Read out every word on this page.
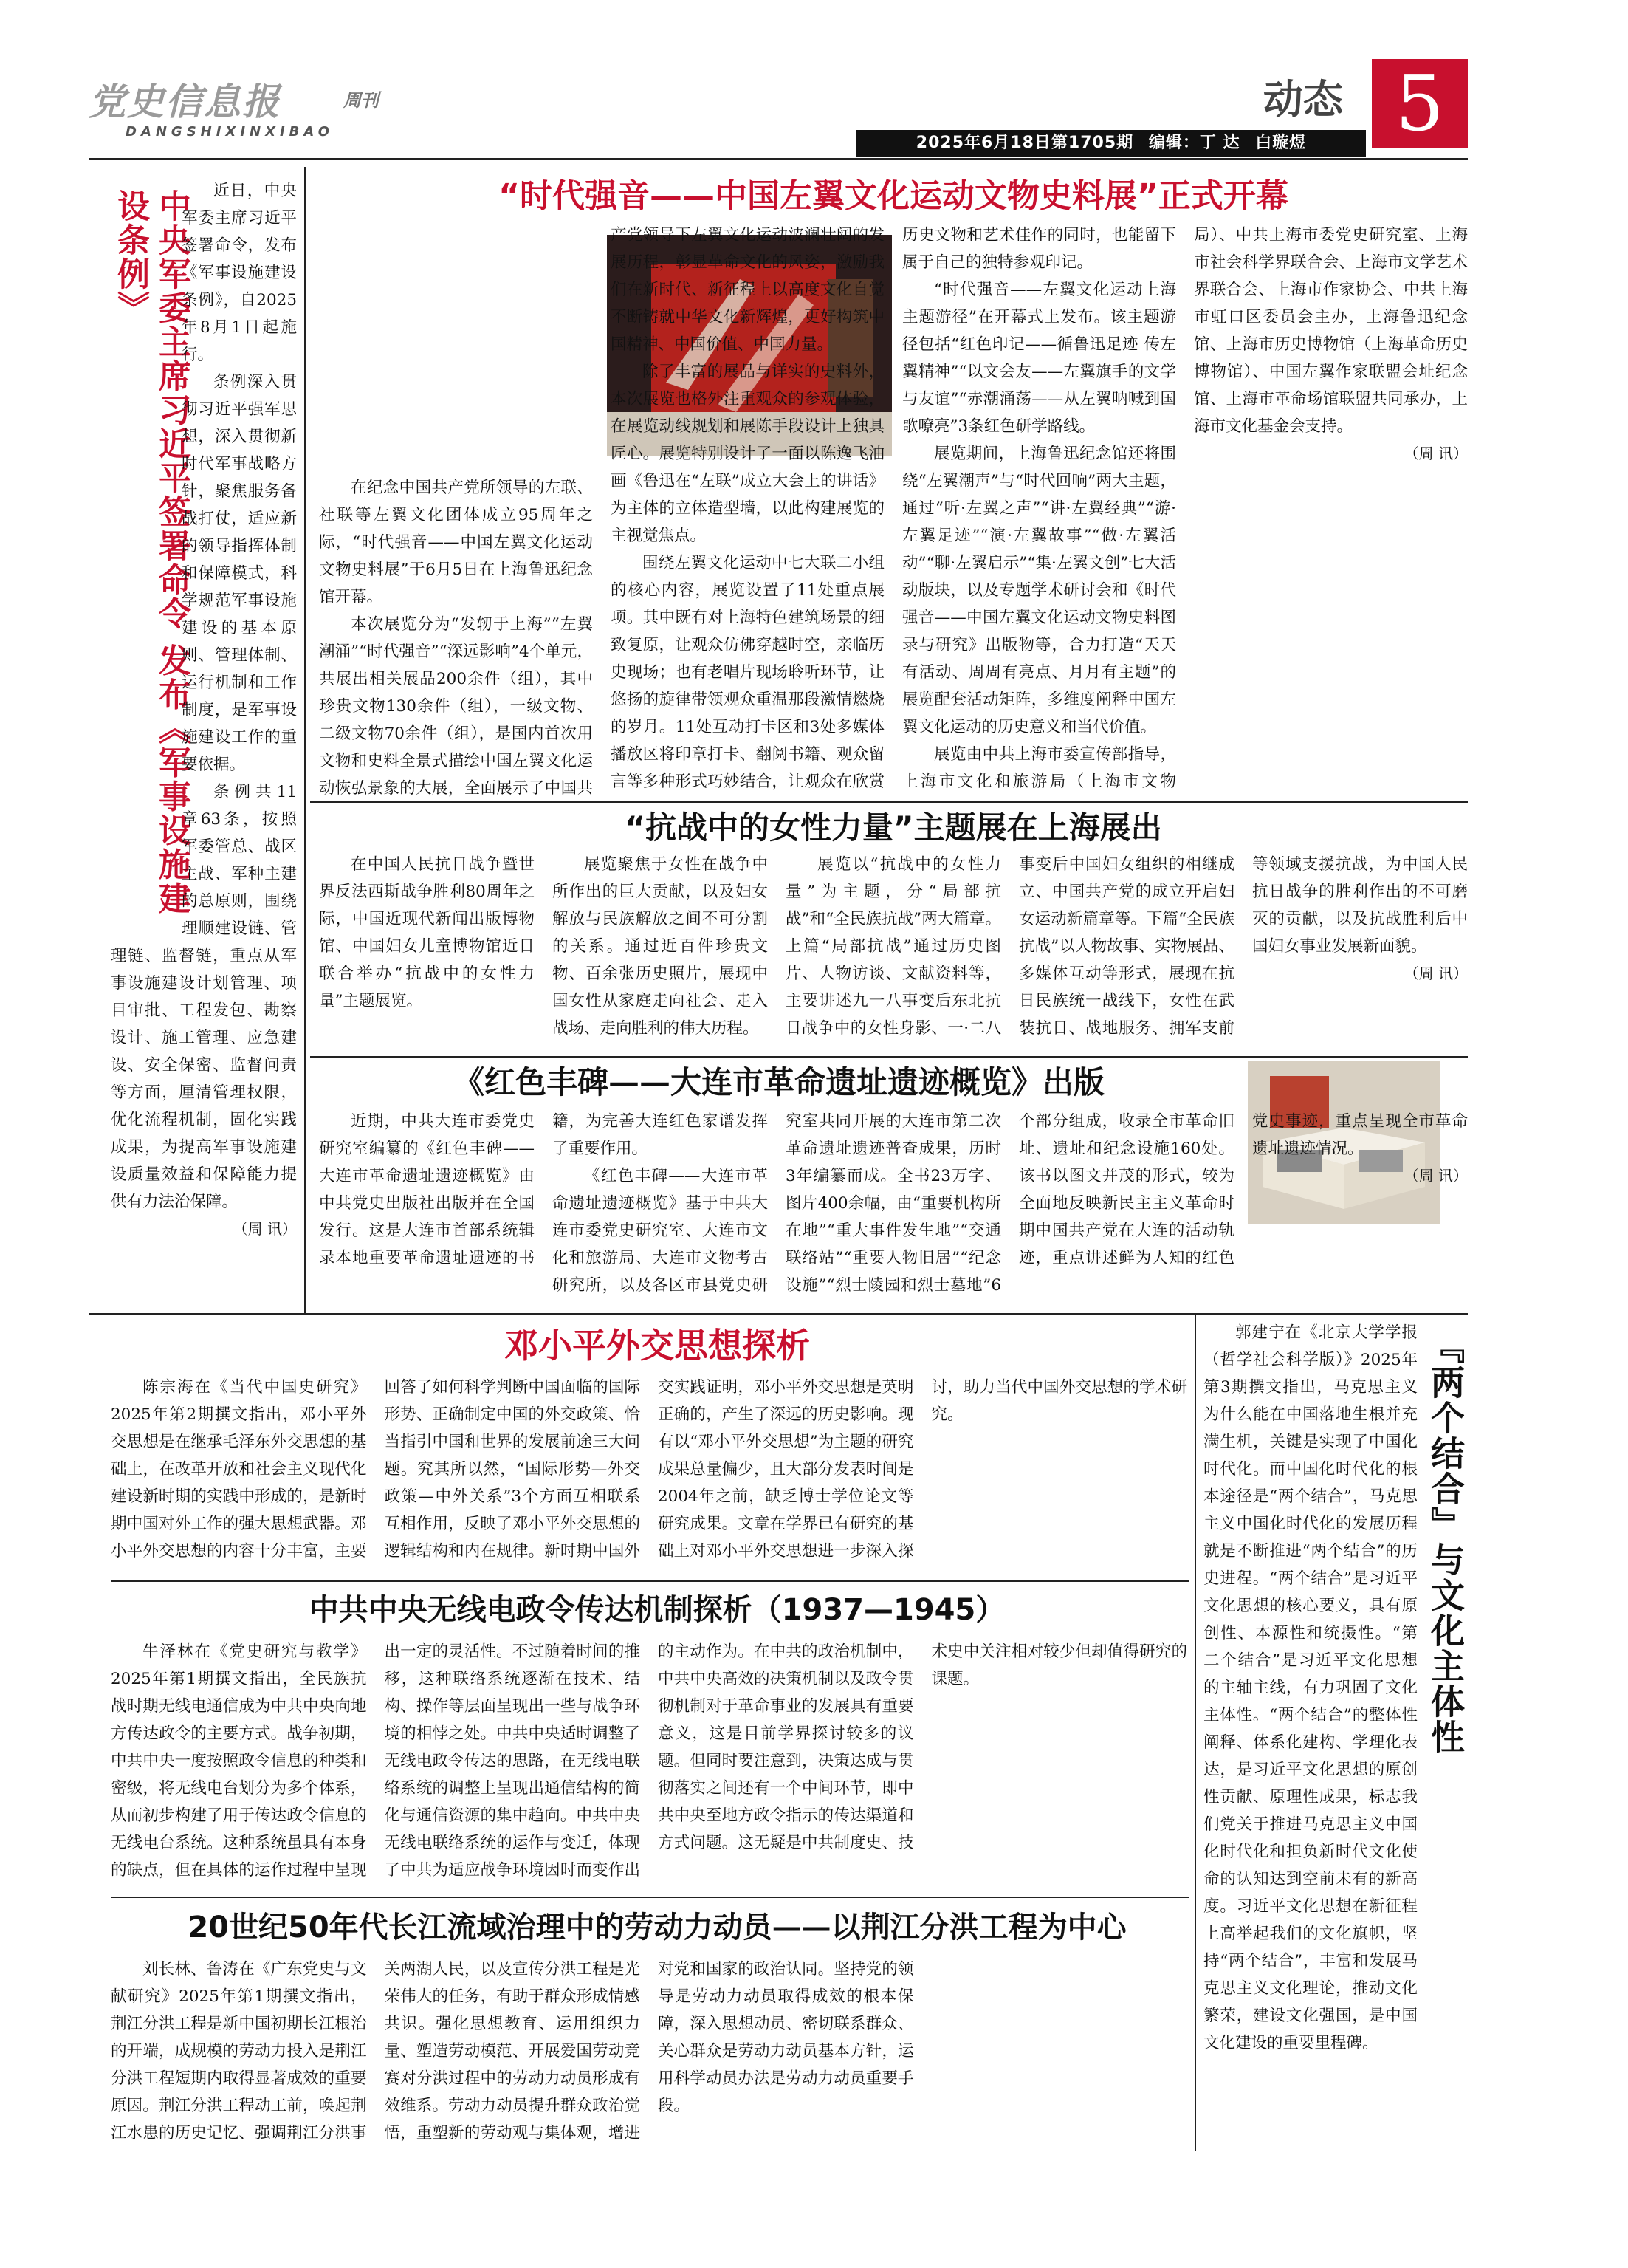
党史信息报
DANGSHIXINXIBAO
周刊	动态 5
2025年6月18日第1705期 编辑：丁 达 白璇煜
中央军委主席习近平签署命令 发布《军事设施建设条例》	近日，中央军委主席习近平签署命令，发布《军事设施建设条例》，自2025年8月1日起施行。

条例深入贯彻习近平强军思想，深入贯彻新时代军事战略方针，聚焦服务备战打仗，适应新的领导指挥体制和保障模式，科学规范军事设施建设的基本原则、管理体制、运行机制和工作制度，是军事设施建设工作的重要依据。

条例共11章63条，按照军委管总、战区主战、军种主建的总原则，围绕理顺建设链、管理链、监督链，重点从军事设施建设计划管理、项目审批、工程发包、勘察设计、施工管理、应急建设、安全保密、监督问责等方面，厘清管理权限，优化流程机制，固化实践成果，为提高军事设施建设质量效益和保障能力提供有力法治保障。

（周 讯）
“时代强音——中国左翼文化运动文物史料展”正式开幕

在纪念中国共产党所领导的左联、社联等左翼文化团体成立95周年之际，“时代强音——中国左翼文化运动文物史料展”于6月5日在上海鲁迅纪念馆开幕。

本次展览分为“发轫于上海”“左翼潮涌”“时代强音”“深远影响”4个单元，共展出相关展品200余件（组），其中珍贵文物130余件（组），一级文物、二级文物70余件（组），是国内首次用文物和史料全景式描绘中国左翼文化运动恢弘景象的大展，全面展示了中国共产党领导下左翼文化运动波澜壮阔的发展历程，彰显革命文化的风姿，激励我们在新时代、新征程上以高度文化自觉不断铸就中华文化新辉煌，更好构筑中国精神、中国价值、中国力量。

除了丰富的展品与详实的史料外，本次展览也格外注重观众的参观体验，在展览动线规划和展陈手段设计上独具匠心。展览特别设计了一面以陈逸飞油画《鲁迅在“左联”成立大会上的讲话》为主体的立体造型墙，以此构建展览的主视觉焦点。

围绕左翼文化运动中七大联二小组的核心内容，展览设置了11处重点展项。其中既有对上海特色建筑场景的细致复原，让观众仿佛穿越时空，亲临历史现场；也有老唱片现场聆听环节，让悠扬的旋律带领观众重温那段激情燃烧的岁月。11处互动打卡区和3处多媒体播放区将印章打卡、翻阅书籍、观众留言等多种形式巧妙结合，让观众在欣赏历史文物和艺术佳作的同时，也能留下属于自己的独特参观印记。

“时代强音——左翼文化运动上海主题游径”在开幕式上发布。该主题游径包括“红色印记——循鲁迅足迹 传左翼精神”“以文会友——左翼旗手的文学与友谊”“赤潮涌荡——从左翼呐喊到国歌嘹亮”3条红色研学路线。

展览期间，上海鲁迅纪念馆还将围绕“左翼潮声”与“时代回响”两大主题，通过“听·左翼之声”“讲·左翼经典”“游·左翼足迹”“演·左翼故事”“做·左翼活动”“聊·左翼启示”“集·左翼文创”七大活动版块，以及专题学术研讨会和《时代强音——中国左翼文化运动文物史料图录与研究》出版物等，合力打造“天天有活动、周周有亮点、月月有主题”的展览配套活动矩阵，多维度阐释中国左翼文化运动的历史意义和当代价值。

展览由中共上海市委宣传部指导，上海市文化和旅游局（上海市文物局）、中共上海市委党史研究室、上海市社会科学界联合会、上海市文学艺术界联合会、上海市作家协会、中共上海市虹口区委员会主办，上海鲁迅纪念馆、上海市历史博物馆（上海革命历史博物馆）、中国左翼作家联盟会址纪念馆、上海市革命场馆联盟共同承办，上海市文化基金会支持。

（周 讯）
“抗战中的女性力量”主题展在上海展出

在中国人民抗日战争暨世界反法西斯战争胜利80周年之际，中国近现代新闻出版博物馆、中国妇女儿童博物馆近日联合举办“抗战中的女性力量”主题展览。

展览聚焦于女性在战争中所作出的巨大贡献，以及妇女解放与民族解放之间不可分割的关系。通过近百件珍贵文物、百余张历史照片，展现中国女性从家庭走向社会、走入战场、走向胜利的伟大历程。

展览以“抗战中的女性力量”为主题，分“局部抗战”和“全民族抗战”两大篇章。上篇“局部抗战”通过历史图片、人物访谈、文献资料等，主要讲述九一八事变后东北抗日战争中的女性身影、一·二八事变后中国妇女组织的相继成立、中国共产党的成立开启妇女运动新篇章等。下篇“全民族抗战”以人物故事、实物展品、多媒体互动等形式，展现在抗日民族统一战线下，女性在武装抗日、战地服务、拥军支前等领域支援抗战，为中国人民抗日战争的胜利作出的不可磨灭的贡献，以及抗战胜利后中国妇女事业发展新面貌。

（周 讯）
《红色丰碑——大连市革命遗址遗迹概览》出版

近期，中共大连市委党史研究室编纂的《红色丰碑——大连市革命遗址遗迹概览》由中共党史出版社出版并在全国发行。这是大连市首部系统辑录本地重要革命遗址遗迹的书籍，为完善大连红色家谱发挥了重要作用。

《红色丰碑——大连市革命遗址遗迹概览》基于中共大连市委党史研究室、大连市文化和旅游局、大连市文物考古研究所，以及各区市县党史研究室共同开展的大连市第二次革命遗址遗迹普查成果，历时3年编纂而成。全书23万字、图片400余幅，由“重要机构所在地”“重大事件发生地”“交通联络站”“重要人物旧居”“纪念设施”“烈士陵园和烈士墓地”6个部分组成，收录全市革命旧址、遗址和纪念设施160处。该书以图文并茂的形式，较为全面地反映新民主主义革命时期中国共产党在大连的活动轨迹，重点讲述鲜为人知的红色党史事迹，重点呈现全市革命遗址遗迹情况。

（周 讯）
邓小平外交思想探析

陈宗海在《当代中国史研究》2025年第2期撰文指出，邓小平外交思想是在继承毛泽东外交思想的基础上，在改革开放和社会主义现代化建设新时期的实践中形成的，是新时期中国对外工作的强大思想武器。邓小平外交思想的内容十分丰富，主要回答了如何科学判断中国面临的国际形势、正确制定中国的外交政策、恰当指引中国和世界的发展前途三大问题。究其所以然，“国际形势—外交政策—中外关系”3个方面互相联系互相作用，反映了邓小平外交思想的逻辑结构和内在规律。新时期中国外交实践证明，邓小平外交思想是英明正确的，产生了深远的历史影响。现有以“邓小平外交思想”为主题的研究成果总量偏少，且大部分发表时间是2004年之前，缺乏博士学位论文等研究成果。文章在学界已有研究的基础上对邓小平外交思想进一步深入探讨，助力当代中国外交思想的学术研究。

中共中央无线电政令传达机制探析（1937—1945）

牛泽林在《党史研究与教学》2025年第1期撰文指出，全民族抗战时期无线电通信成为中共中央向地方传达政令的主要方式。战争初期，中共中央一度按照政令信息的种类和密级，将无线电台划分为多个体系，从而初步构建了用于传达政令信息的无线电台系统。这种系统虽具有本身的缺点，但在具体的运作过程中呈现出一定的灵活性。不过随着时间的推移，这种联络系统逐渐在技术、结构、操作等层面呈现出一些与战争环境的相悖之处。中共中央适时调整了无线电政令传达的思路，在无线电联络系统的调整上呈现出通信结构的简化与通信资源的集中趋向。中共中央无线电联络系统的运作与变迁，体现了中共为适应战争环境因时而变作出的主动作为。在中共的政治机制中，中共中央高效的决策机制以及政令贯彻机制对于革命事业的发展具有重要意义，这是目前学界探讨较多的议题。但同时要注意到，决策达成与贯彻落实之间还有一个中间环节，即中共中央至地方政令指示的传达渠道和方式问题。这无疑是中共制度史、技术史中关注相对较少但却值得研究的课题。

20世纪50年代长江流域治理中的劳动力动员——以荆江分洪工程为中心

刘长林、鲁涛在《广东党史与文献研究》2025年第1期撰文指出，荆江分洪工程是新中国初期长江根治的开端，成规模的劳动力投入是荆江分洪工程短期内取得显著成效的重要原因。荆江分洪工程动工前，唤起荆江水患的历史记忆、强调荆江分洪事关两湖人民，以及宣传分洪工程是光荣伟大的任务，有助于群众形成情感共识。强化思想教育、运用组织力量、塑造劳动模范、开展爱国劳动竞赛对分洪过程中的劳动力动员形成有效维系。劳动力动员提升群众政治觉悟，重塑新的劳动观与集体观，增进对党和国家的政治认同。坚持党的领导是劳动力动员取得成效的根本保障，深入思想动员、密切联系群众、关心群众是劳动力动员基本方针，运用科学动员办法是劳动力动员重要手段。

『两个结合』与文化主体性

郭建宁在《北京大学学报（哲学社会科学版）》2025年第3期撰文指出，马克思主义为什么能在中国落地生根并充满生机，关键是实现了中国化时代化。而中国化时代化的根本途径是“两个结合”，马克思主义中国化时代化的发展历程就是不断推进“两个结合”的历史进程。“两个结合”是习近平文化思想的核心要义，具有原创性、本源性和统摄性。“第二个结合”是习近平文化思想的主轴主线，有力巩固了文化主体性。“两个结合”的整体性阐释、体系化建构、学理化表达，是习近平文化思想的原创性贡献、原理性成果，标志我们党关于推进马克思主义中国化时代化和担负新时代文化使命的认知达到空前未有的新高度。习近平文化思想在新征程上高举起我们的文化旗帜，坚持“两个结合”，丰富和发展马克思主义文化理论，推动文化繁荣，建设文化强国，是中国文化建设的重要里程碑。
